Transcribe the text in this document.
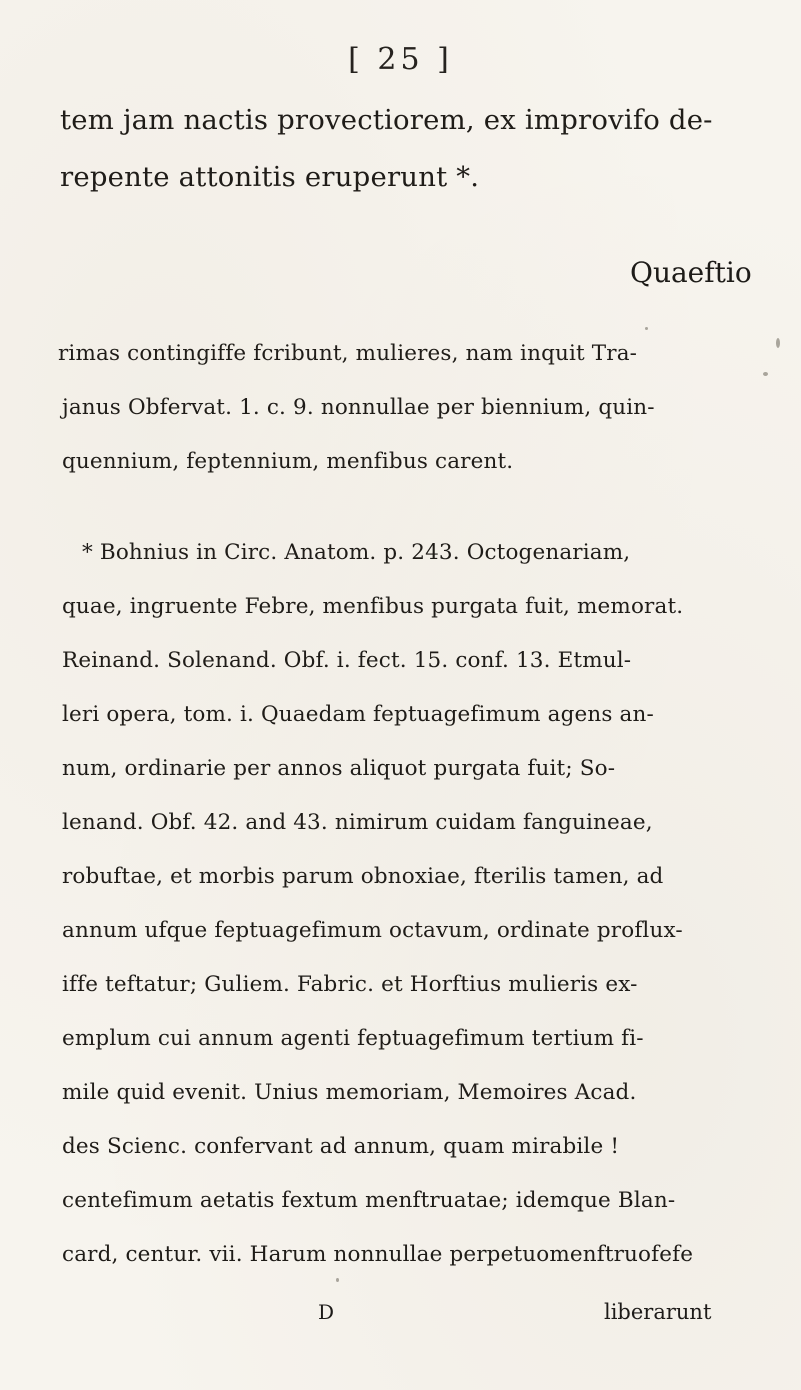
[ 25 ]
tem jam nactis provectiorem, ex improvifo de-
repente attonitis eruperunt *.
Quaeftio
rimas contingiffe fcribunt, mulieres, nam inquit Tra-
janus Obfervat. 1. c. 9. nonnullae per biennium, quin-
quennium, feptennium, menfibus carent.
* Bohnius in Circ. Anatom. p. 243. Octogenariam,
quae, ingruente Febre, menfibus purgata fuit, memorat.
Reinand. Solenand. Obf. i. fect. 15. conf. 13. Etmul-
leri opera, tom. i. Quaedam feptuagefimum agens an-
num, ordinarie per annos aliquot purgata fuit; So-
lenand. Obf. 42. and 43. nimirum cuidam fanguineae,
robuftae, et morbis parum obnoxiae, fterilis tamen, ad
annum ufque feptuagefimum octavum, ordinate proflux-
iffe teftatur; Guliem. Fabric. et Horftius mulieris ex-
emplum cui annum agenti feptuagefimum tertium fi-
mile quid evenit. Unius memoriam, Memoires Acad.
des Scienc. confervant ad annum, quam mirabile !
centefimum aetatis fextum menftruatae; idemque Blan-
card, centur. vii. Harum nonnullae perpetuomenftruofefe
D	liberarunt
